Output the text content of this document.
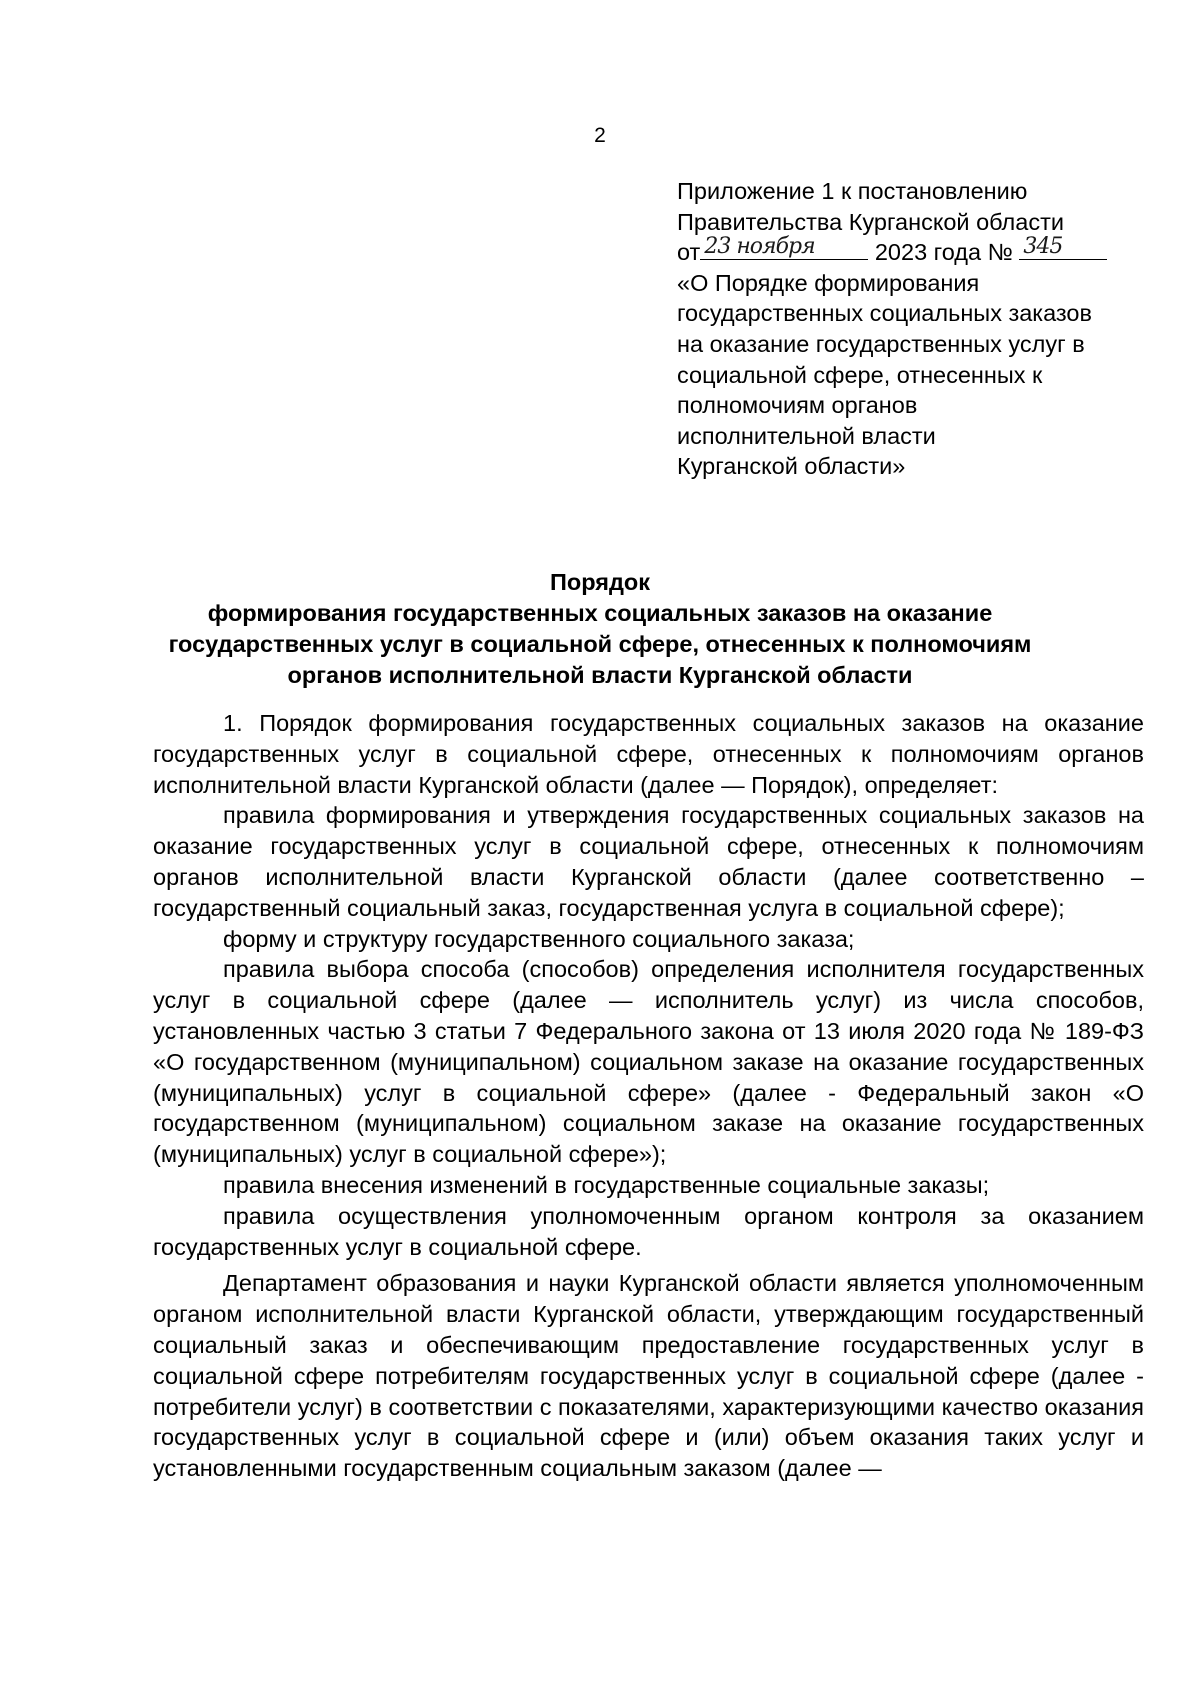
2
Приложение 1 к постановлению
Правительства Курганской области
от 23 ноября	2023 года № 345
«О Порядке формирования
государственных социальных заказов
на оказание государственных услуг в
социальной сфере, отнесенных к
полномочиям органов
исполнительной власти
Курганской области»
Порядок
формирования государственных социальных заказов на оказание
государственных услуг в социальной сфере, отнесенных к полномочиям
органов исполнительной власти Курганской области

1. Порядок формирования государственных социальных заказов на оказание государственных услуг в социальной сфере, отнесенных к полномочиям органов исполнительной власти Курганской области (далее — Порядок), определяет:

правила формирования и утверждения государственных социальных заказов на оказание государственных услуг в социальной сфере, отнесенных к полномочиям органов исполнительной власти Курганской области (далее соответственно – государственный социальный заказ, государственная услуга в социальной сфере);

форму и структуру государственного социального заказа;

правила выбора способа (способов) определения исполнителя государственных услуг в социальной сфере (далее — исполнитель услуг) из числа способов, установленных частью 3 статьи 7 Федерального закона от 13 июля 2020 года № 189-ФЗ «О государственном (муниципальном) социальном заказе на оказание государственных (муниципальных) услуг в социальной сфере» (далее - Федеральный закон «О государственном (муниципальном) социальном заказе на оказание государственных (муниципальных) услуг в социальной сфере»);

правила внесения изменений в государственные социальные заказы;

правила осуществления уполномоченным органом контроля за оказанием государственных услуг в социальной сфере.

Департамент образования и науки Курганской области является уполномоченным органом исполнительной власти Курганской области, утверждающим государственный социальный заказ и обеспечивающим предоставление государственных услуг в социальной сфере потребителям государственных услуг в социальной сфере (далее - потребители услуг) в соответствии с показателями, характеризующими качество оказания государственных услуг в социальной сфере и (или) объем оказания таких услуг и установленными государственным социальным заказом (далее —
